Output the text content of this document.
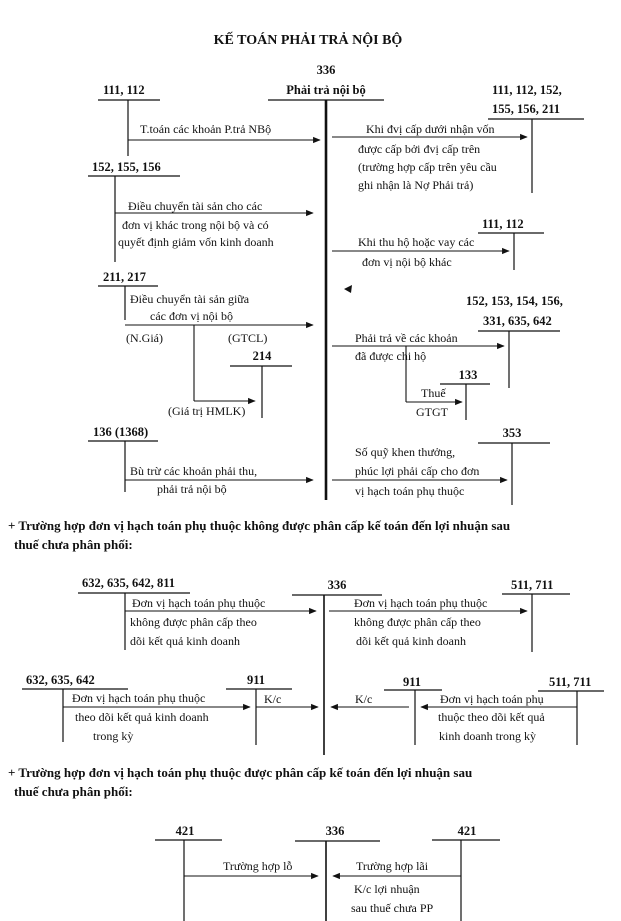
KẾ TOÁN PHẢI TRẢ NỘI BỘ
336
Phải trả nội bộ
111, 112
T.toán các khoản P.trả NBộ
152, 155, 156
Điều chuyển tài sản cho các
đơn vị khác trong nội bộ và có
quyết định giảm vốn kinh doanh
211, 217
Điều chuyển tài sản giữa
các đơn vị nội bộ
(N.Giá)	(GTCL)
214
(Giá trị HMLK)
136 (1368)
Bù trừ các khoản phải thu,
phải trả nội bộ
111, 112, 152,
155, 156, 211
Khi đvị cấp dưới nhận vốn
được cấp bởi đvị cấp trên
(trường hợp cấp trên yêu cầu
ghi nhận là Nợ Phải trả)
111, 112
Khi thu hộ hoặc vay các
đơn vị nội bộ khác
152, 153, 154, 156,
331, 635, 642
Phải trả về các khoản
đã được chi hộ
133
Thuế
GTGT
353
Số quỹ khen thưởng,
phúc lợi phải cấp cho đơn
vị hạch toán phụ thuộc
+ Trường hợp đơn vị hạch toán phụ thuộc không được phân cấp kế toán đến lợi nhuận sau
thuế chưa phân phối:
632, 635, 642, 811
Đơn vị hạch toán phụ thuộc
không được phân cấp theo
dõi kết quả kinh doanh
336	511, 711
Đơn vị hạch toán phụ thuộc
không được phân cấp theo
dõi kết quả kinh doanh
632, 635, 642
Đơn vị hạch toán phụ thuộc
theo dõi kết quả kinh doanh
trong kỳ
911
K/c
911
K/c
511, 711
Đơn vị hạch toán phụ
thuộc theo dõi kết quả
kinh doanh trong kỳ
+ Trường hợp đơn vị hạch toán phụ thuộc được phân cấp kế toán đến lợi nhuận sau
thuế chưa phân phối:
421
Trường hợp lỗ
336	421
Trường hợp lãi
K/c lợi nhuận
sau thuế chưa PP
